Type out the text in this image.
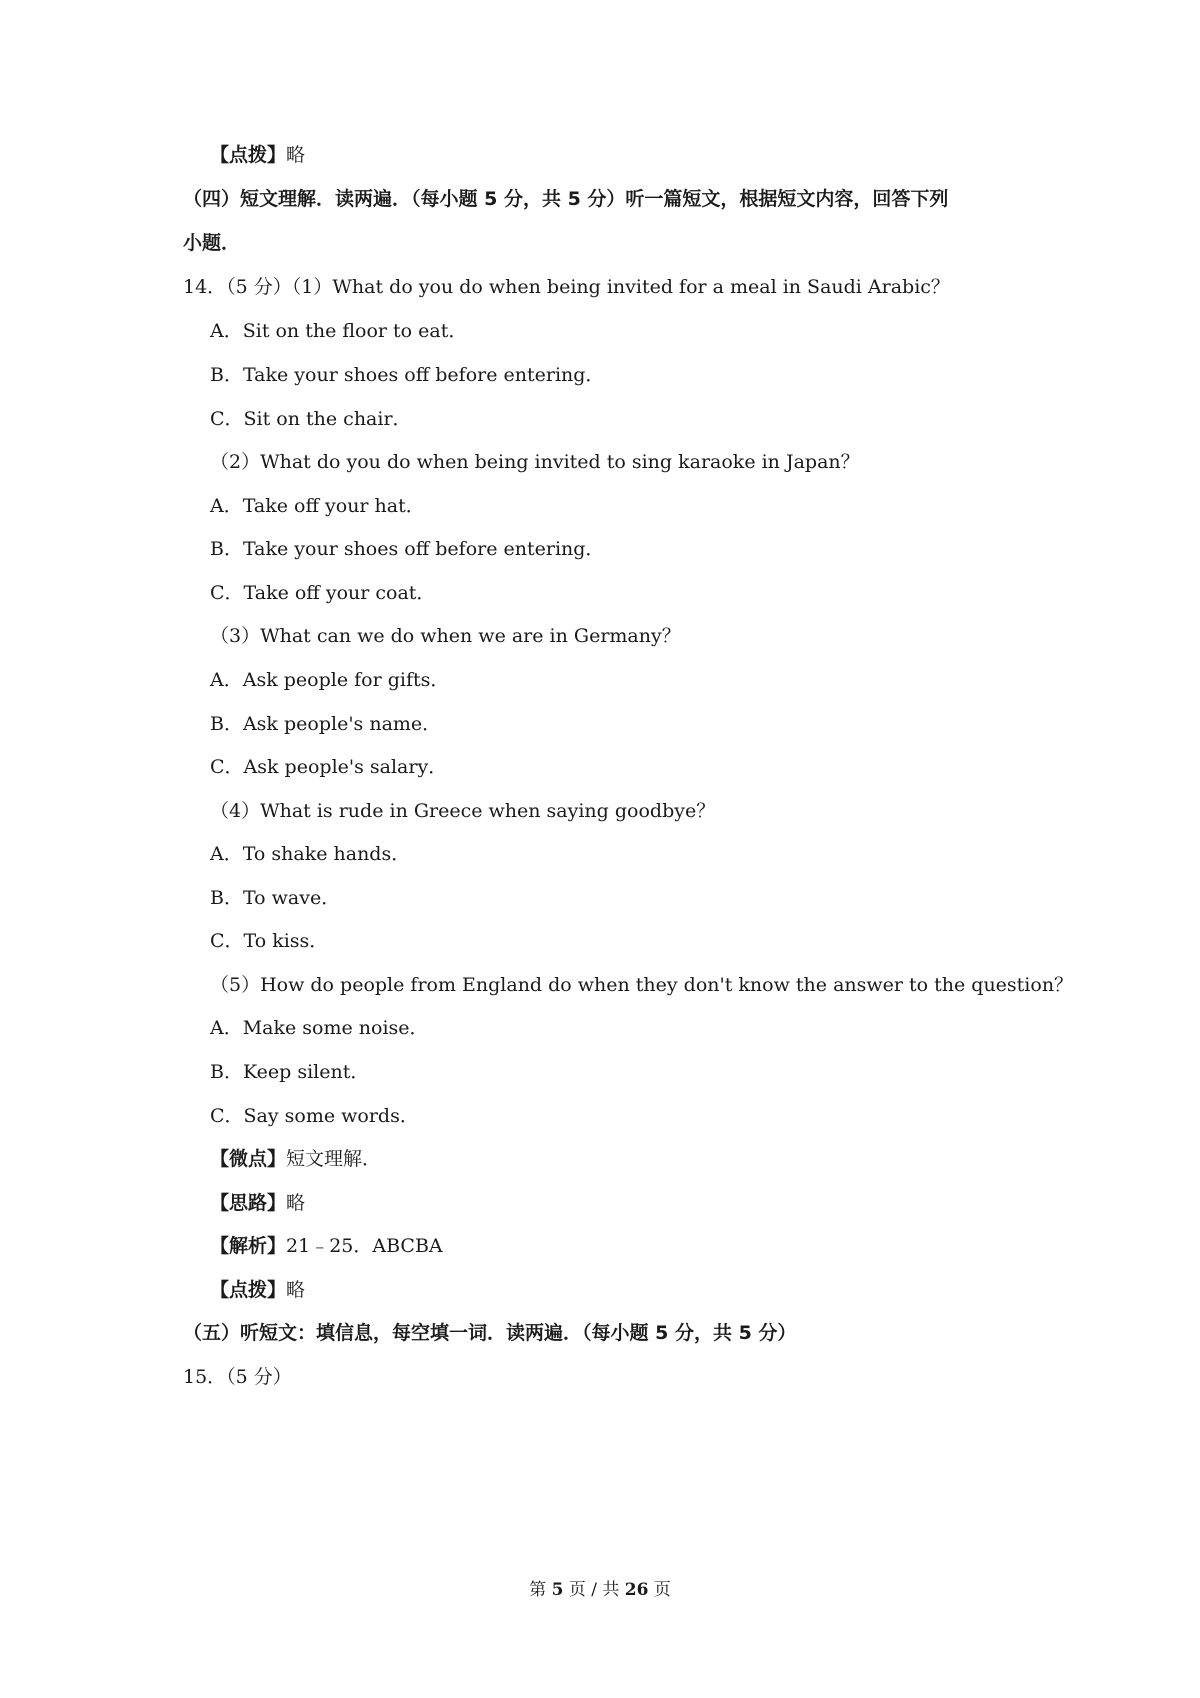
【点拨】略
（四）短文理解．读两遍．（每小题 5 分，共 5 分）听一篇短文，根据短文内容，回答下列
小题．
14．（5 分）（1）What do you do when being invited for a meal in Saudi Arabic？
A．Sit on the floor to eat．
B．Take your shoes off before entering．
C．Sit on the chair．
（2）What do you do when being invited to sing karaoke in Japan？
A．Take off your hat．
B．Take your shoes off before entering．
C．Take off your coat．
（3）What can we do when we are in Germany？
A．Ask people for gifts．
B．Ask people's name．
C．Ask people's salary．
（4）What is rude in Greece when saying goodbye？
A．To shake hands．
B．To wave．
C．To kiss．
（5）How do people from England do when they don't know the answer to the question？
A．Make some noise．
B．Keep silent．
C．Say some words．
【微点】短文理解．
【思路】略
【解析】21﹣25．ABCBA
【点拨】略
（五）听短文：填信息，每空填一词．读两遍．（每小题 5 分，共 5 分）
15．（5 分）
第 5 页 / 共 26 页
